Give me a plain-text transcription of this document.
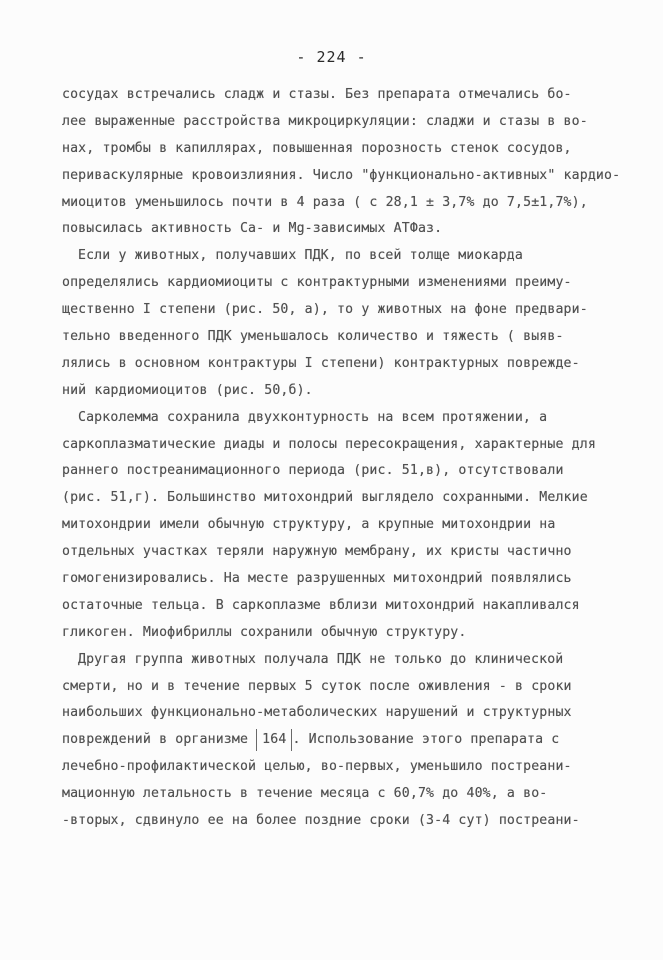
- 224 -
сосудах встречались сладж и стазы. Без препарата отмечались бо-
лее выраженные расстройства микроциркуляции: сладжи и стазы в во-
нах, тромбы в капиллярах, повышенная порозность стенок сосудов,
периваскулярные кровоизлияния. Число "функционально-активных" кардио-
миоцитов уменьшилось почти в 4 раза ( с 28,1 ± 3,7% до 7,5±1,7%),
повысилась активность Ca- и Mg-зависимых АТФаз.
Если у животных, получавших ПДК, по всей толще миокарда
определялись кардиомиоциты с контрактурными изменениями преиму-
щественно I степени (рис. 50, а), то у животных на фоне предвари-
тельно введенного ПДК уменьшалось количество и тяжесть ( выяв-
лялись в основном контрактуры I степени) контрактурных поврежде-
ний кардиомиоцитов (рис. 50,б).
Сарколемма сохранила двухконтурность на всем протяжении, а
саркоплазматические диады и полосы пересокращения, характерные для
раннего постреанимационного периода (рис. 51,в), отсутствовали
(рис. 51,г). Большинство митохондрий выглядело сохранными. Мелкие
митохондрии имели обычную структуру, а крупные митохондрии на
отдельных участках теряли наружную мембрану, их кристы частично
гомогенизировались. На месте разрушенных митохондрий появлялись
остаточные тельца. В саркоплазме вблизи митохондрий накапливался
гликоген. Миофибриллы сохранили обычную структуру.
Другая группа животных получала ПДК не только до клинической
смерти, но и в течение первых 5 суток после оживления - в сроки
наибольших функционально-метаболических нарушений и структурных
повреждений в организме 164 . Использование этого препарата с
лечебно-профилактической целью, во-первых, уменьшило постреани-
мационную летальность в течение месяца с 60,7% до 40%, а во-
-вторых, сдвинуло ее на более поздние сроки (3-4 сут) постреани-
